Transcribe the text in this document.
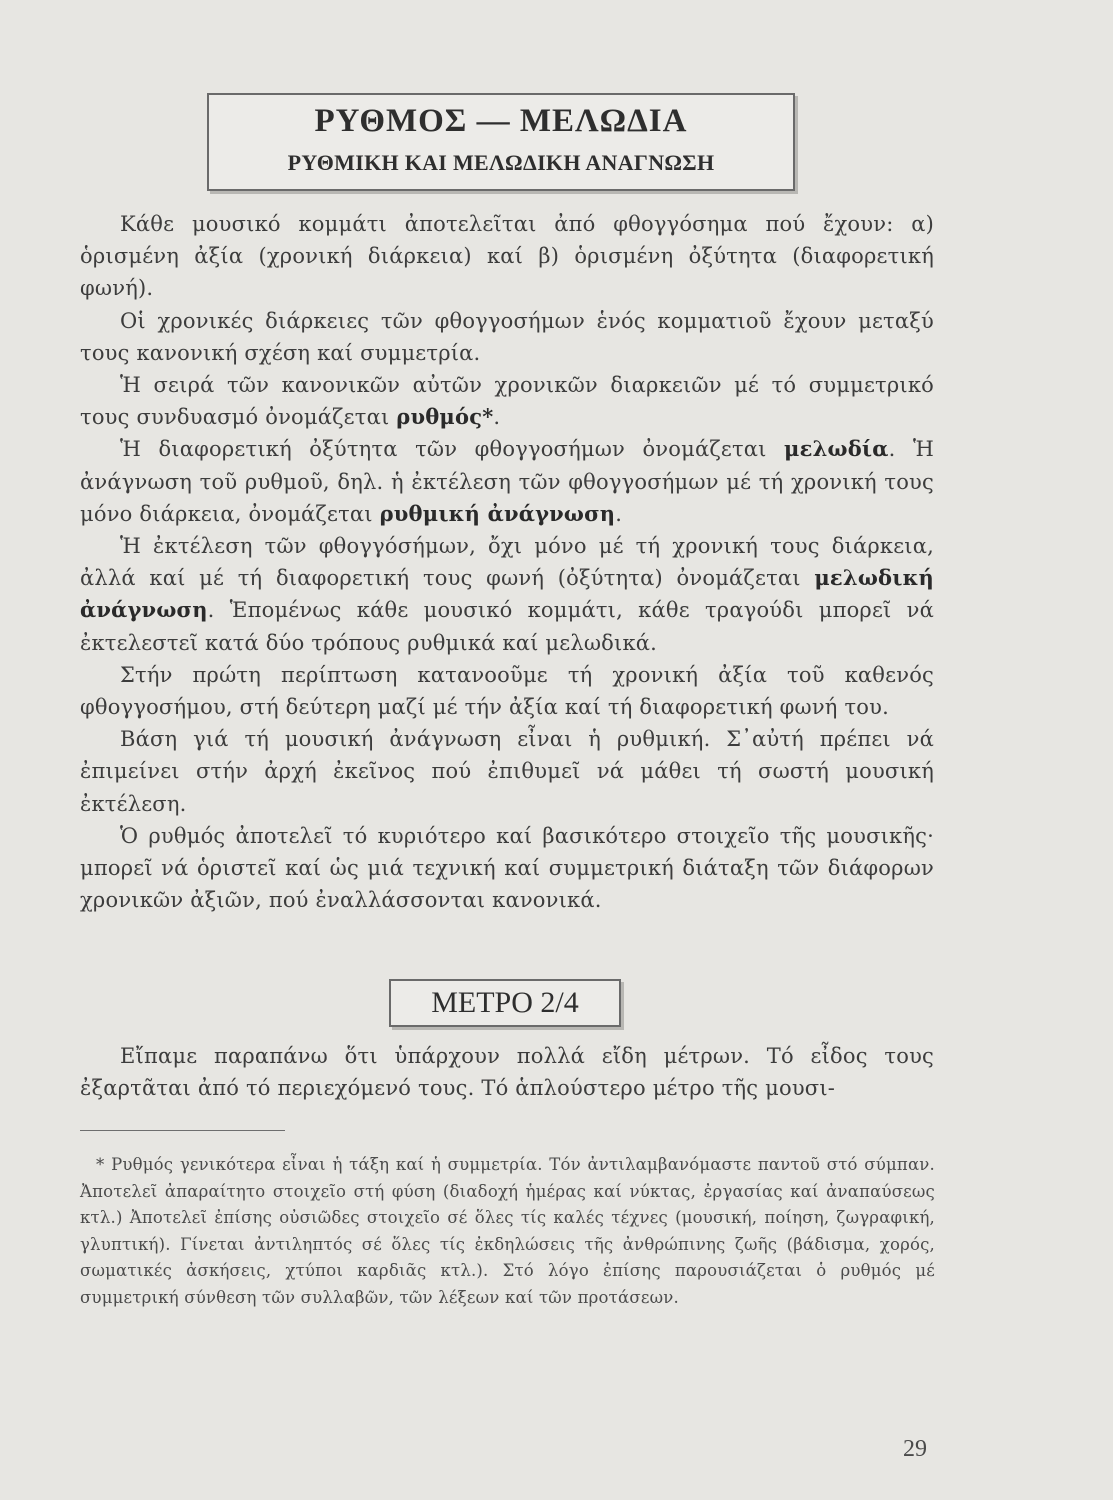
ΡΥΘΜΟΣ — ΜΕΛΩΔΙΑ
ΡΥΘΜΙΚΗ ΚΑΙ ΜΕΛΩΔΙΚΗ ΑΝΑΓΝΩΣΗ

Κάθε μουσικό κομμάτι ἀποτελεῖται ἀπό φθογγόσημα πού ἔχουν: α) ὁρισμένη ἀξία (χρονική διάρκεια) καί β) ὁρισμένη ὀξύτητα (διαφορετική φωνή).

Οἱ χρονικές διάρκειες τῶν φθογγοσήμων ἑνός κομματιοῦ ἔχουν μεταξύ τους κανονική σχέση καί συμμετρία.

Ἡ σειρά τῶν κανονικῶν αὐτῶν χρονικῶν διαρκειῶν μέ τό συμμετρικό τους συνδυασμό ὀνομάζεται ρυθμός*.

Ἡ διαφορετική ὀξύτητα τῶν φθογγοσήμων ὀνομάζεται μελωδία. Ἡ ἀνάγνωση τοῦ ρυθμοῦ, δηλ. ἡ ἐκτέλεση τῶν φθογγοσήμων μέ τή χρονική τους μόνο διάρκεια, ὀνομάζεται ρυθμική ἀνάγνωση.

Ἡ ἐκτέλεση τῶν φθογγόσήμων, ὄχι μόνο μέ τή χρονική τους διάρκεια, ἀλλά καί μέ τή διαφορετική τους φωνή (ὀξύτητα) ὀνομάζεται μελωδική ἀνάγνωση. Ἑπομένως κάθε μουσικό κομμάτι, κάθε τραγούδι μπορεῖ νά ἐκτελεστεῖ κατά δύο τρόπους ρυθμικά καί μελωδικά.

Στήν πρώτη περίπτωση κατανοοῦμε τή χρονική ἀξία τοῦ καθενός φθογγοσήμου, στή δεύτερη μαζί μέ τήν ἀξία καί τή διαφορετική φωνή του.

Βάση γιά τή μουσική ἀνάγνωση εἶναι ἡ ρυθμική. Σ᾿αὐτή πρέπει νά ἐπιμείνει στήν ἀρχή ἐκεῖνος πού ἐπιθυμεῖ νά μάθει τή σωστή μουσική ἐκτέλεση.

Ὁ ρυθμός ἀποτελεῖ τό κυριότερο καί βασικότερο στοιχεῖο τῆς μουσικῆς· μπορεῖ νά ὁριστεῖ καί ὡς μιά τεχνική καί συμμετρική διάταξη τῶν διάφορων χρονικῶν ἀξιῶν, πού ἐναλλάσσονται κανονικά.

ΜΕΤΡΟ 2/4

Εἴπαμε παραπάνω ὅτι ὑπάρχουν πολλά εἴδη μέτρων. Τό εἶδος τους ἐξαρτᾶται ἀπό τό περιεχόμενό τους. Τό ἁπλούστερο μέτρο τῆς μουσι-

* Ρυθμός γενικότερα εἶναι ἡ τάξη καί ἡ συμμετρία. Τόν ἀντιλαμβανόμαστε παντοῦ στό σύμπαν. Ἀποτελεῖ ἀπαραίτητο στοιχεῖο στή φύση (διαδοχή ἡμέρας καί νύκτας, ἐργασίας καί ἀναπαύσεως κτλ.) Ἀποτελεῖ ἐπίσης οὐσιῶδες στοιχεῖο σέ ὅλες τίς καλές τέχνες (μουσική, ποίηση, ζωγραφική, γλυπτική). Γίνεται ἀντιληπτός σέ ὅλες τίς ἐκδηλώσεις τῆς ἀνθρώπινης ζωῆς (βάδισμα, χορός, σωματικές ἀσκήσεις, χτύποι καρδιᾶς κτλ.). Στό λόγο ἐπίσης παρουσιάζεται ὁ ρυθμός μέ συμμετρική σύνθεση τῶν συλλαβῶν, τῶν λέξεων καί τῶν προτάσεων.

29
